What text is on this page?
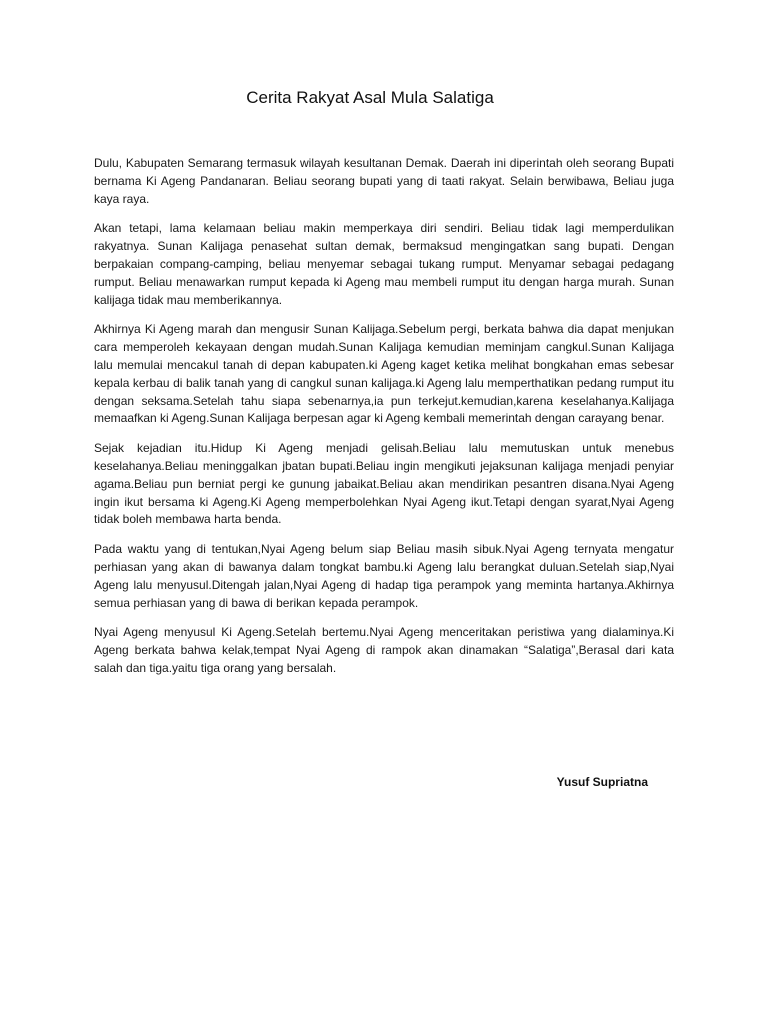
Cerita Rakyat Asal Mula Salatiga

Dulu, Kabupaten Semarang termasuk wilayah kesultanan Demak. Daerah ini diperintah oleh seorang Bupati bernama Ki Ageng Pandanaran. Beliau seorang bupati yang di taati rakyat. Selain berwibawa, Beliau juga kaya raya.

Akan tetapi, lama kelamaan beliau makin memperkaya diri sendiri. Beliau tidak lagi memperdulikan rakyatnya. Sunan Kalijaga penasehat sultan demak, bermaksud mengingatkan sang bupati. Dengan berpakaian compang-camping, beliau menyemar sebagai tukang rumput. Menyamar sebagai pedagang rumput. Beliau menawarkan rumput kepada ki Ageng mau membeli rumput itu dengan harga murah. Sunan kalijaga tidak mau memberikannya.

Akhirnya Ki Ageng marah dan mengusir Sunan Kalijaga.Sebelum pergi, berkata bahwa dia dapat menjukan cara memperoleh kekayaan dengan mudah.Sunan Kalijaga kemudian meminjam cangkul.Sunan Kalijaga lalu memulai mencakul tanah di depan kabupaten.ki Ageng kaget ketika melihat bongkahan emas sebesar kepala kerbau di balik tanah yang di cangkul sunan kalijaga.ki Ageng lalu memperthatikan pedang rumput itu dengan seksama.Setelah tahu siapa sebenarnya,ia pun terkejut.kemudian,karena keselahanya.Kalijaga memaafkan ki Ageng.Sunan Kalijaga berpesan agar ki Ageng kembali memerintah dengan carayang benar.

Sejak kejadian itu.Hidup Ki Ageng menjadi gelisah.Beliau lalu memutuskan untuk menebus keselahanya.Beliau meninggalkan jbatan bupati.Beliau ingin mengikuti jejaksunan kalijaga menjadi penyiar agama.Beliau pun berniat pergi ke gunung jabaikat.Beliau akan mendirikan pesantren disana.Nyai Ageng ingin ikut bersama ki Ageng.Ki Ageng memperbolehkan Nyai Ageng ikut.Tetapi dengan syarat,Nyai Ageng tidak boleh membawa harta benda.

Pada waktu yang di tentukan,Nyai Ageng belum siap Beliau masih sibuk.Nyai Ageng ternyata mengatur perhiasan yang akan di bawanya dalam tongkat bambu.ki Ageng lalu berangkat duluan.Setelah siap,Nyai Ageng lalu menyusul.Ditengah jalan,Nyai Ageng di hadap tiga perampok yang meminta hartanya.Akhirnya semua perhiasan yang di bawa di berikan kepada perampok.

Nyai Ageng menyusul Ki Ageng.Setelah bertemu.Nyai Ageng menceritakan peristiwa yang dialaminya.Ki Ageng berkata bahwa kelak,tempat Nyai Ageng di rampok akan dinamakan “Salatiga”,Berasal dari kata salah dan tiga.yaitu tiga orang yang bersalah.

Yusuf Supriatna
